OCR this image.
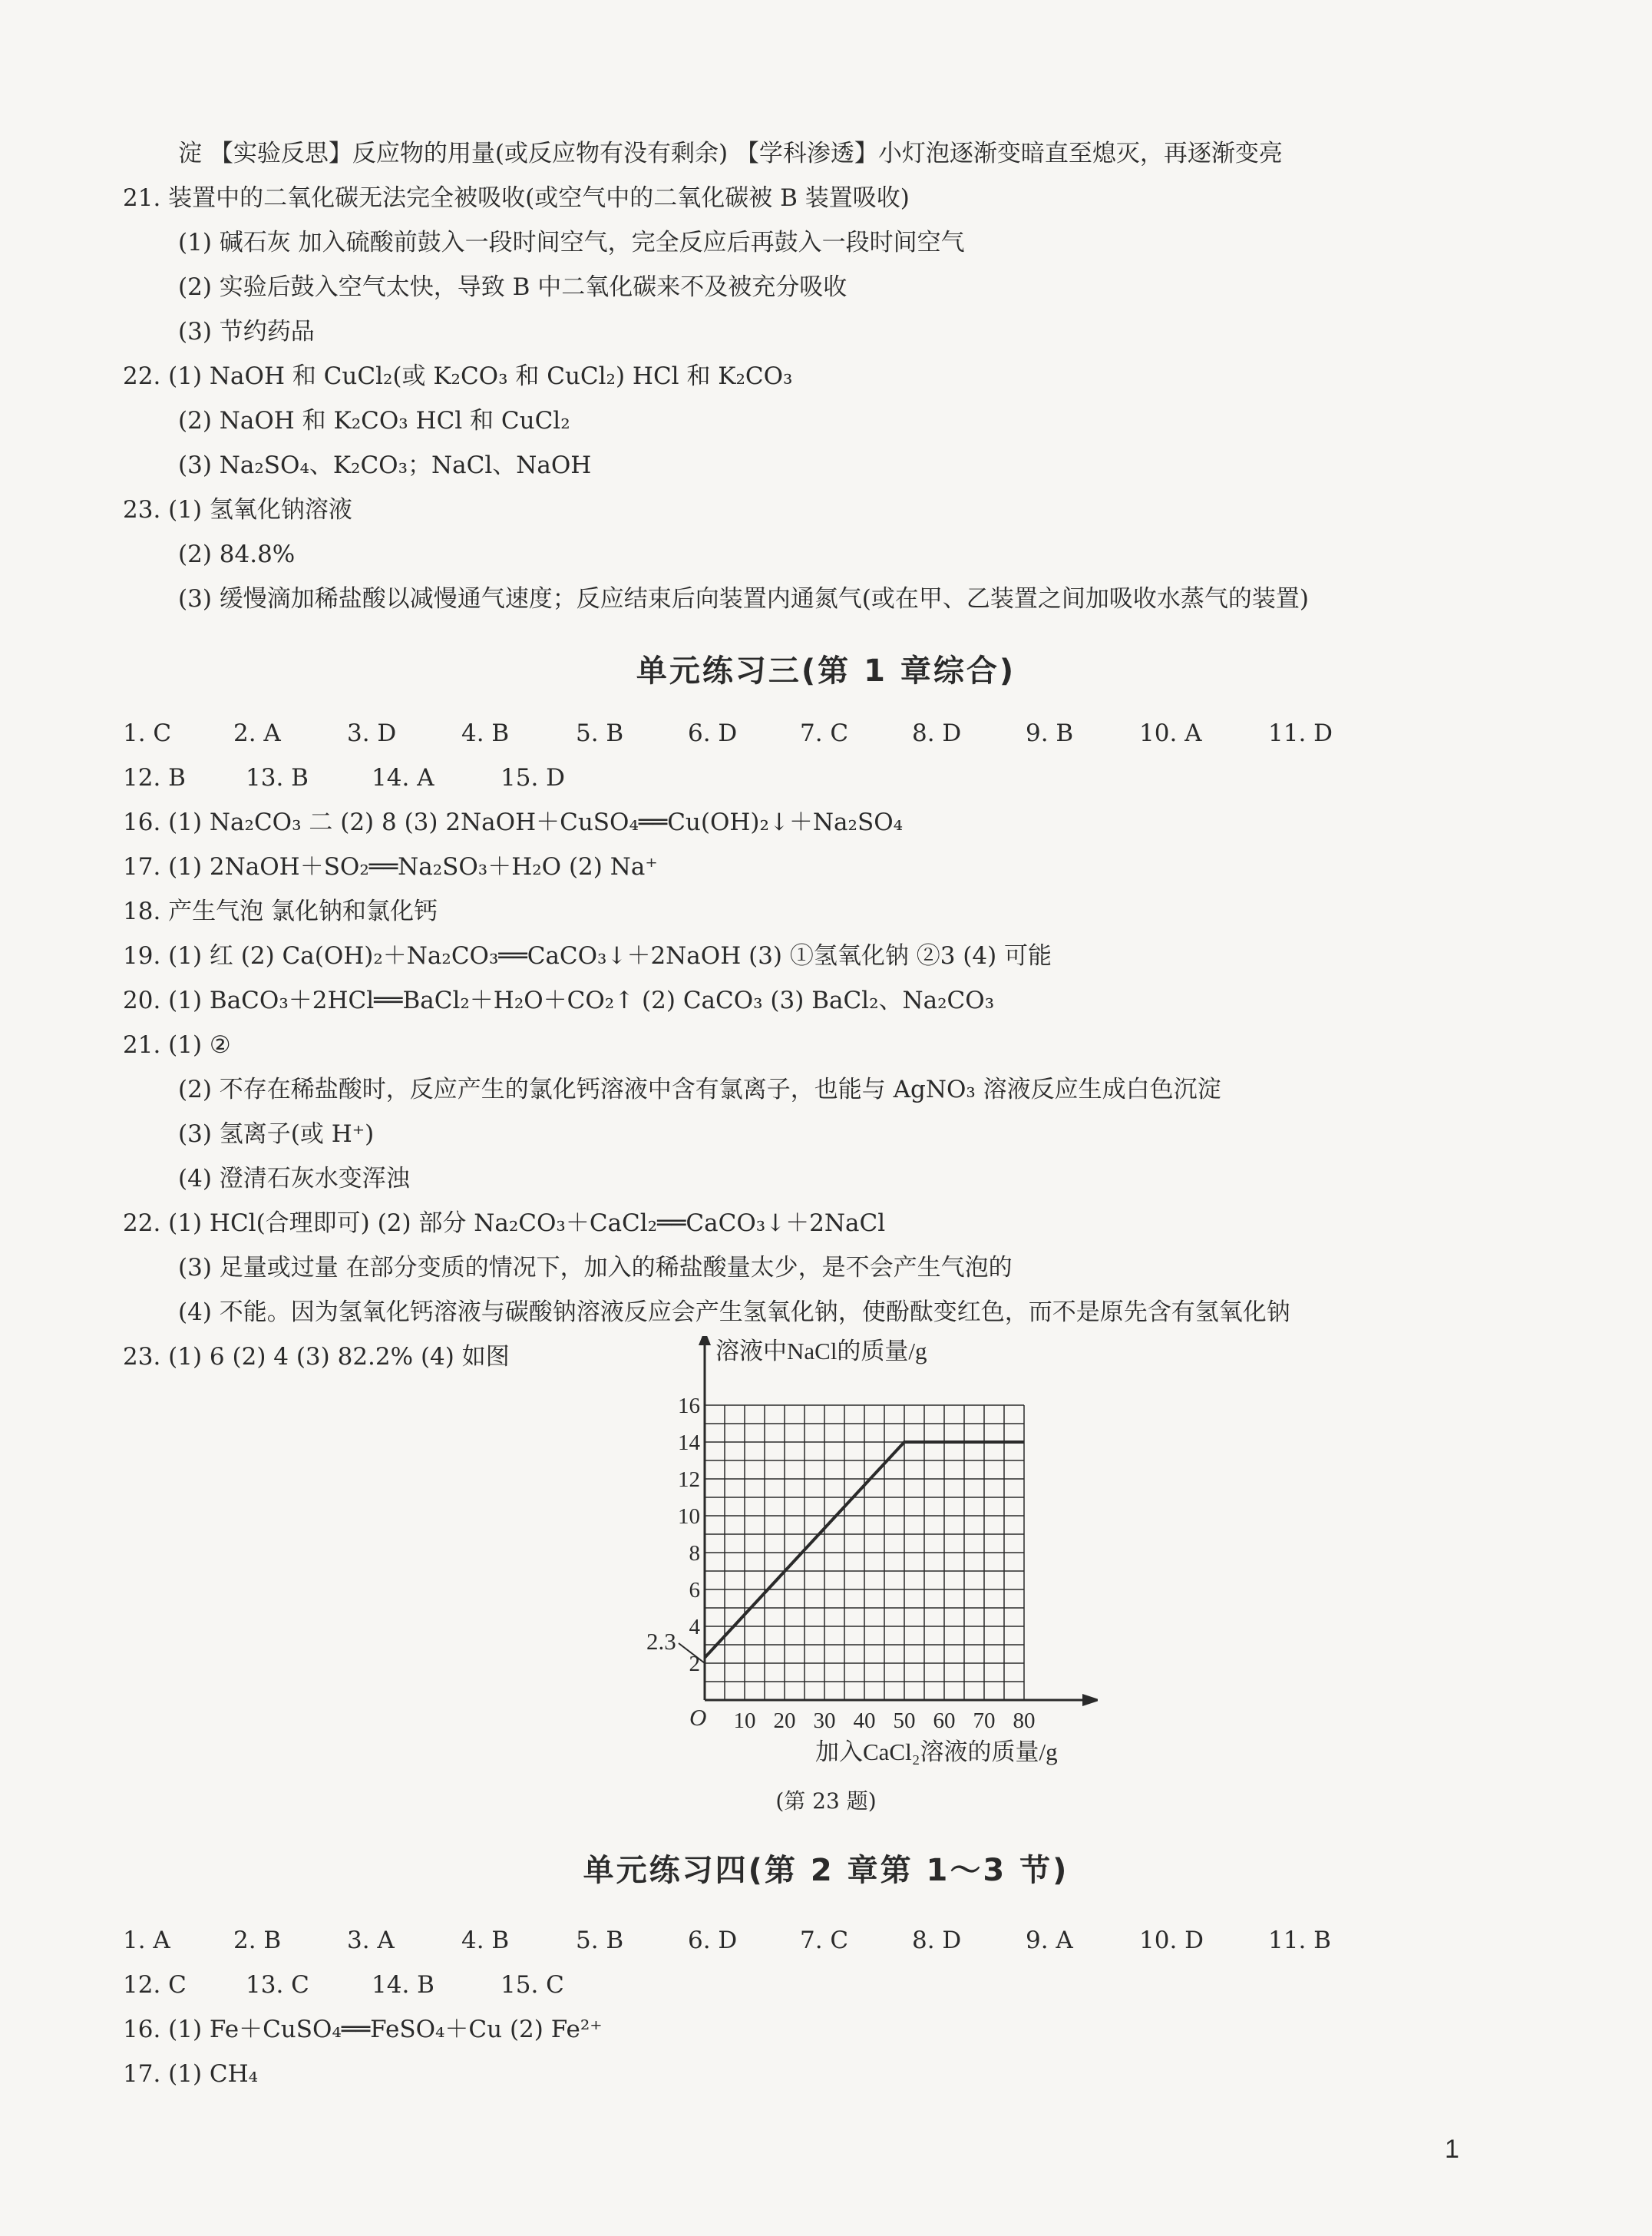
淀 【实验反思】反应物的用量(或反应物有没有剩余) 【学科渗透】小灯泡逐渐变暗直至熄灭，再逐渐变亮
21. 装置中的二氧化碳无法完全被吸收(或空气中的二氧化碳被 B 装置吸收)
(1) 碱石灰 加入硫酸前鼓入一段时间空气，完全反应后再鼓入一段时间空气
(2) 实验后鼓入空气太快，导致 B 中二氧化碳来不及被充分吸收
(3) 节约药品
22. (1) NaOH 和 CuCl₂(或 K₂CO₃ 和 CuCl₂) HCl 和 K₂CO₃
(2) NaOH 和 K₂CO₃ HCl 和 CuCl₂
(3) Na₂SO₄、K₂CO₃；NaCl、NaOH
23. (1) 氢氧化钠溶液
(2) 84.8%
(3) 缓慢滴加稀盐酸以减慢通气速度；反应结束后向装置内通氮气(或在甲、乙装置之间加吸收水蒸气的装置)
单元练习三(第 1 章综合)
1. C	2. A	3. D	4. B	5. B	6. D	7. C	8. D	9. B	10. A	11. D
12. B	13. B	14. A	15. D
16. (1) Na₂CO₃ 二 (2) 8 (3) 2NaOH＋CuSO₄══Cu(OH)₂↓＋Na₂SO₄
17. (1) 2NaOH＋SO₂══Na₂SO₃＋H₂O (2) Na⁺
18. 产生气泡 氯化钠和氯化钙
19. (1) 红 (2) Ca(OH)₂＋Na₂CO₃══CaCO₃↓＋2NaOH (3) ①氢氧化钠 ②3 (4) 可能
20. (1) BaCO₃＋2HCl══BaCl₂＋H₂O＋CO₂↑ (2) CaCO₃ (3) BaCl₂、Na₂CO₃
21. (1) ②
(2) 不存在稀盐酸时，反应产生的氯化钙溶液中含有氯离子，也能与 AgNO₃ 溶液反应生成白色沉淀
(3) 氢离子(或 H⁺)
(4) 澄清石灰水变浑浊
22. (1) HCl(合理即可) (2) 部分 Na₂CO₃＋CaCl₂══CaCO₃↓＋2NaCl
(3) 足量或过量 在部分变质的情况下，加入的稀盐酸量太少，是不会产生气泡的
(4) 不能。因为氢氧化钙溶液与碳酸钠溶液反应会产生氢氧化钠，使酚酞变红色，而不是原先含有氢氧化钠
23. (1) 6 (2) 4 (3) 82.2% (4) 如图	溶液中NaCl的质量/g
加入CaCl₂溶液的质量/g
O 10 20 30 40 50 60 70 80
2
4
6
8
10
12
14
16
2.3
(第 23 题)
单元练习四(第 2 章第 1～3 节)
1. A	2. B	3. A	4. B	5. B	6. D	7. C	8. D	9. A	10. D	11. B
12. C 13. C	14. B	15. C
16. (1) Fe＋CuSO₄══FeSO₄＋Cu (2) Fe²⁺
17. (1) CH₄
1
